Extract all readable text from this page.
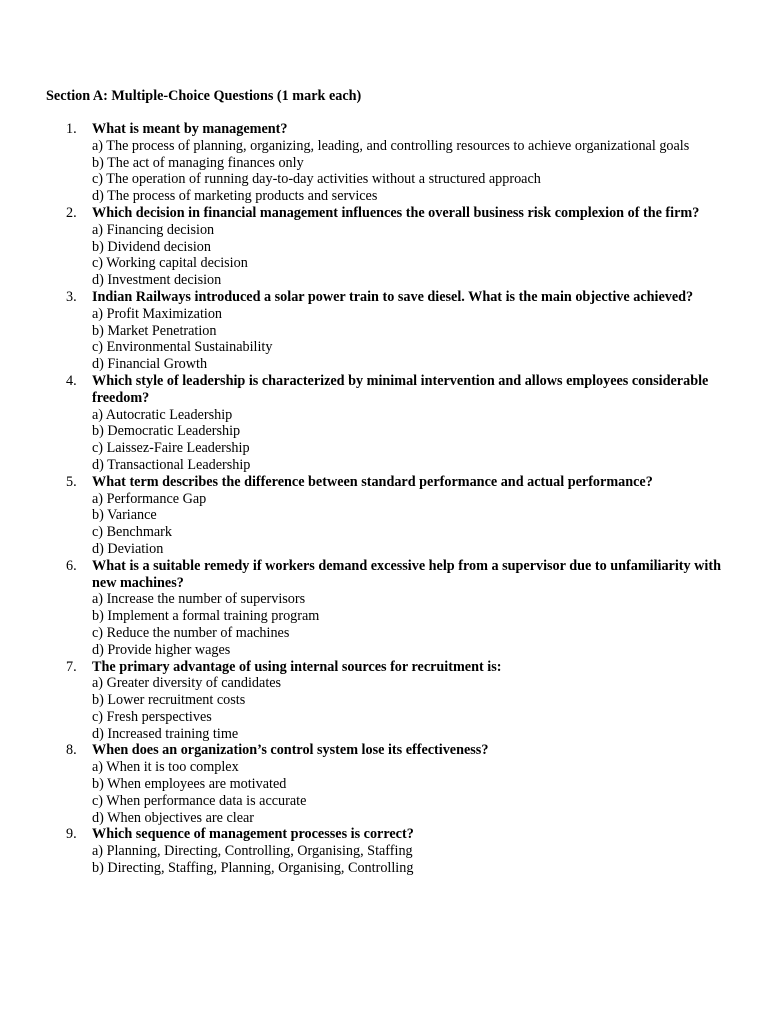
Section A: Multiple-Choice Questions (1 mark each)
1. What is meant by management?
a) The process of planning, organizing, leading, and controlling resources to achieve organizational goals
b) The act of managing finances only
c) The operation of running day-to-day activities without a structured approach
d) The process of marketing products and services
2. Which decision in financial management influences the overall business risk complexion of the firm?
a) Financing decision
b) Dividend decision
c) Working capital decision
d) Investment decision
3. Indian Railways introduced a solar power train to save diesel. What is the main objective achieved?
a) Profit Maximization
b) Market Penetration
c) Environmental Sustainability
d) Financial Growth
4. Which style of leadership is characterized by minimal intervention and allows employees considerable freedom?
a) Autocratic Leadership
b) Democratic Leadership
c) Laissez-Faire Leadership
d) Transactional Leadership
5. What term describes the difference between standard performance and actual performance?
a) Performance Gap
b) Variance
c) Benchmark
d) Deviation
6. What is a suitable remedy if workers demand excessive help from a supervisor due to unfamiliarity with new machines?
a) Increase the number of supervisors
b) Implement a formal training program
c) Reduce the number of machines
d) Provide higher wages
7. The primary advantage of using internal sources for recruitment is:
a) Greater diversity of candidates
b) Lower recruitment costs
c) Fresh perspectives
d) Increased training time
8. When does an organization’s control system lose its effectiveness?
a) When it is too complex
b) When employees are motivated
c) When performance data is accurate
d) When objectives are clear
9. Which sequence of management processes is correct?
a) Planning, Directing, Controlling, Organising, Staffing
b) Directing, Staffing, Planning, Organising, Controlling
